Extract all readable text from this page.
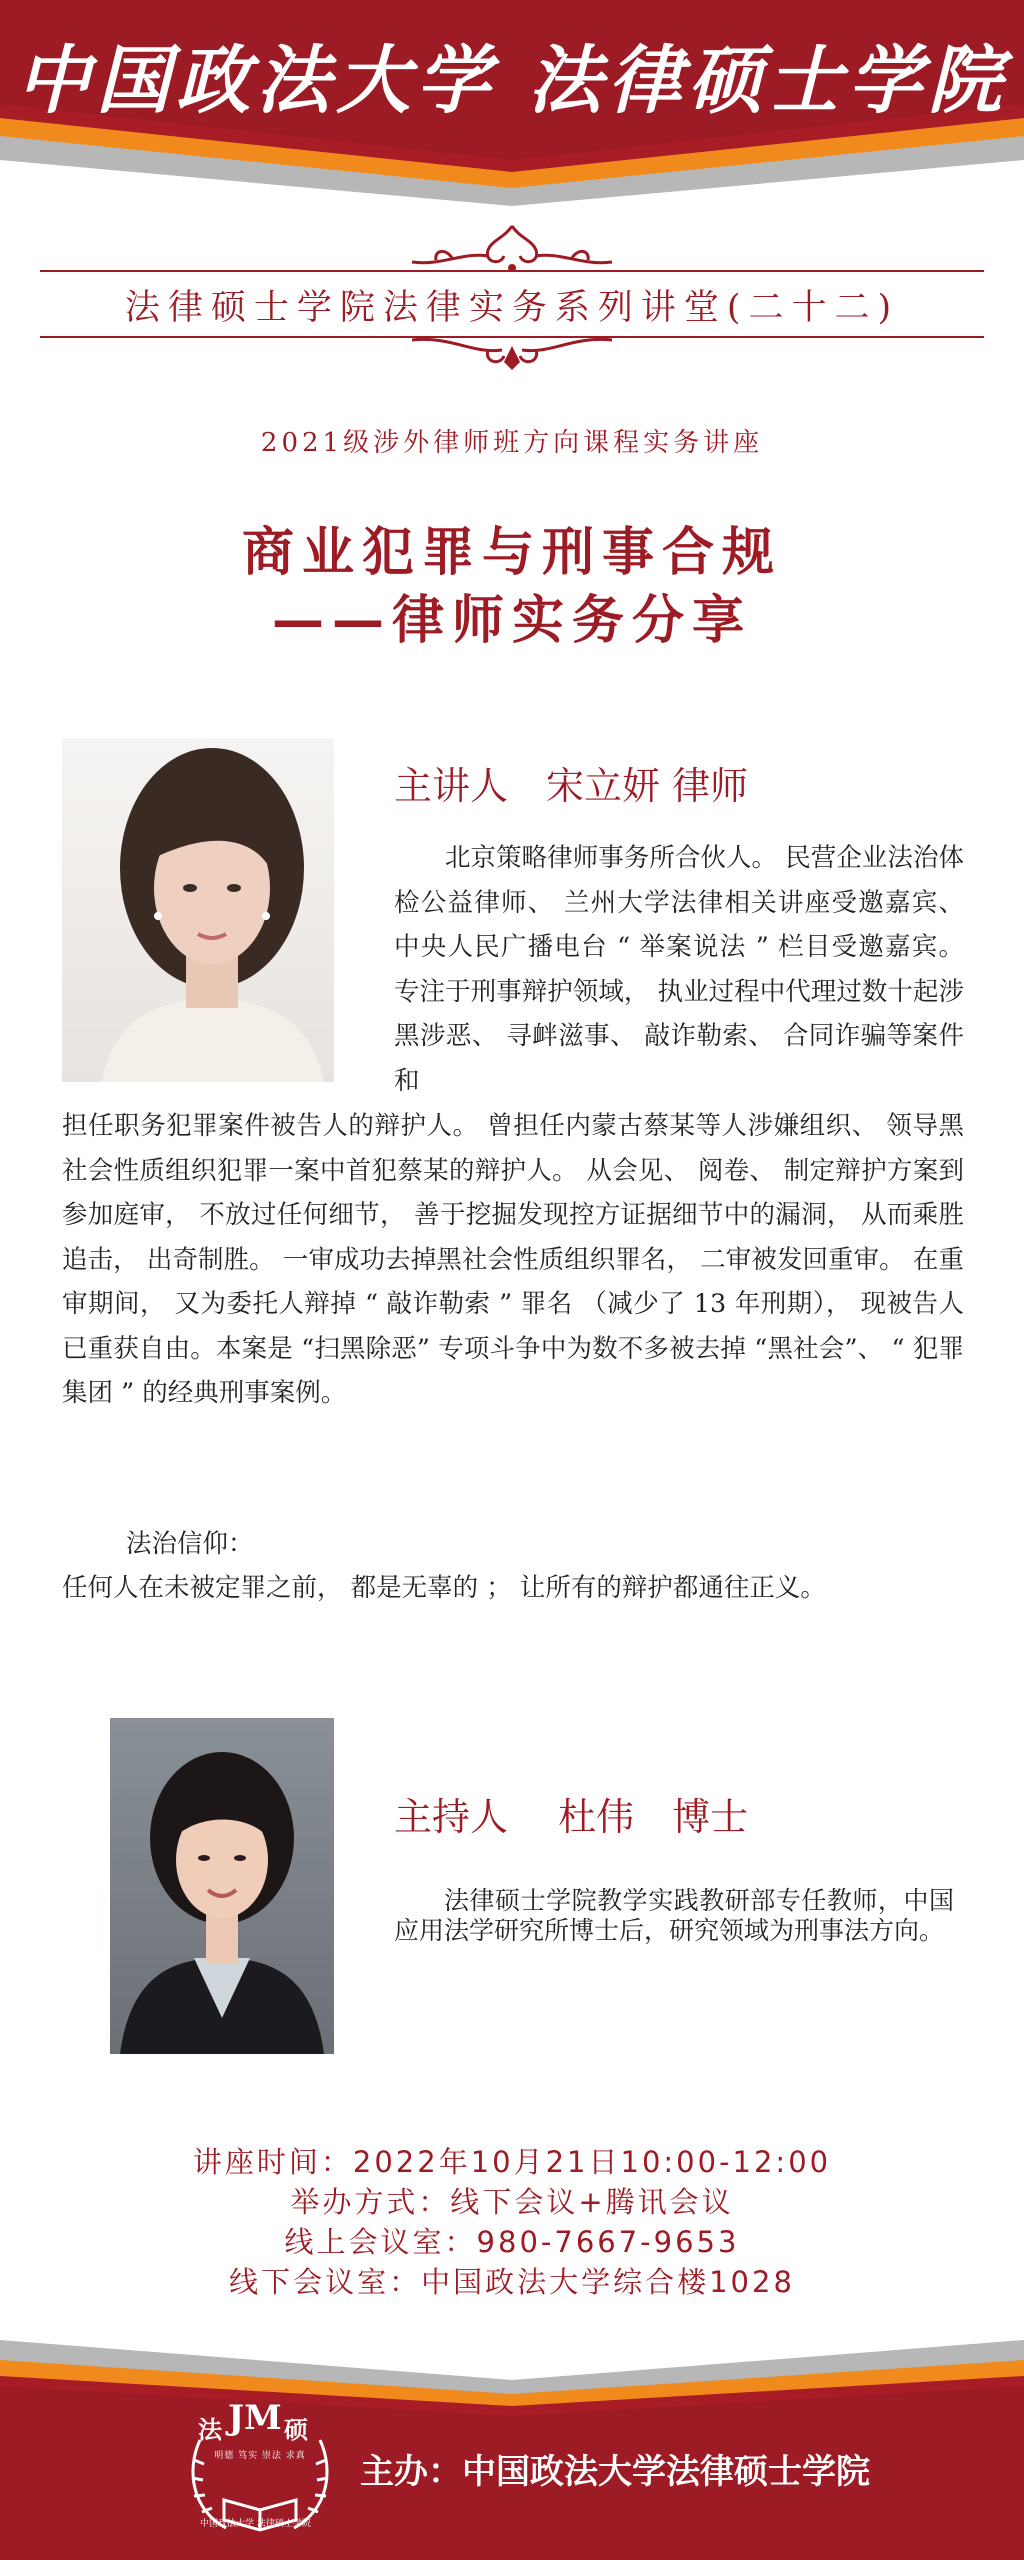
中国政法大学 法律硕士学院
法律硕士学院法律实务系列讲堂(二十二)
2021级涉外律师班方向课程实务讲座
商业犯罪与刑事合规
——律师实务分享
主讲人　宋立妍 律师
北京策略律师事务所合伙人。 民营企业法治体检公益律师、 兰州大学法律相关讲座受邀嘉宾、 中央人民广播电台 “ 举案说法 ” 栏目受邀嘉宾。 专注于刑事辩护领域， 执业过程中代理过数十起涉黑涉恶、 寻衅滋事、 敲诈勒索、 合同诈骗等案件和
担任职务犯罪案件被告人的辩护人。 曾担任内蒙古蔡某等人涉嫌组织、 领导黑社会性质组织犯罪一案中首犯蔡某的辩护人。 从会见、 阅卷、 制定辩护方案到参加庭审， 不放过任何细节， 善于挖掘发现控方证据细节中的漏洞， 从而乘胜追击， 出奇制胜。 一审成功去掉黑社会性质组织罪名， 二审被发回重审。 在重审期间， 又为委托人辩掉 “ 敲诈勒索 ” 罪名 （减少了 13 年刑期）， 现被告人已重获自由。本案是 “扫黑除恶” 专项斗争中为数不多被去掉 “黑社会”、 “ 犯罪集团 ” 的经典刑事案例。
法治信仰：
任何人在未被定罪之前， 都是无辜的 ； 让所有的辩护都通往正义。
主持人　 杜伟　博士
法律硕士学院教学实践教研部专任教师，中国应用法学研究所博士后，研究领域为刑事法方向。
讲座时间：2022年10月21日10:00-12:00
举办方式：线下会议+腾讯会议
线上会议室：980-7667-9653
线下会议室：中国政法大学综合楼1028
法 JM 硕
明德 笃实 崇法 求真
中国政法大学 法律硕士学院
主办：中国政法大学法律硕士学院
